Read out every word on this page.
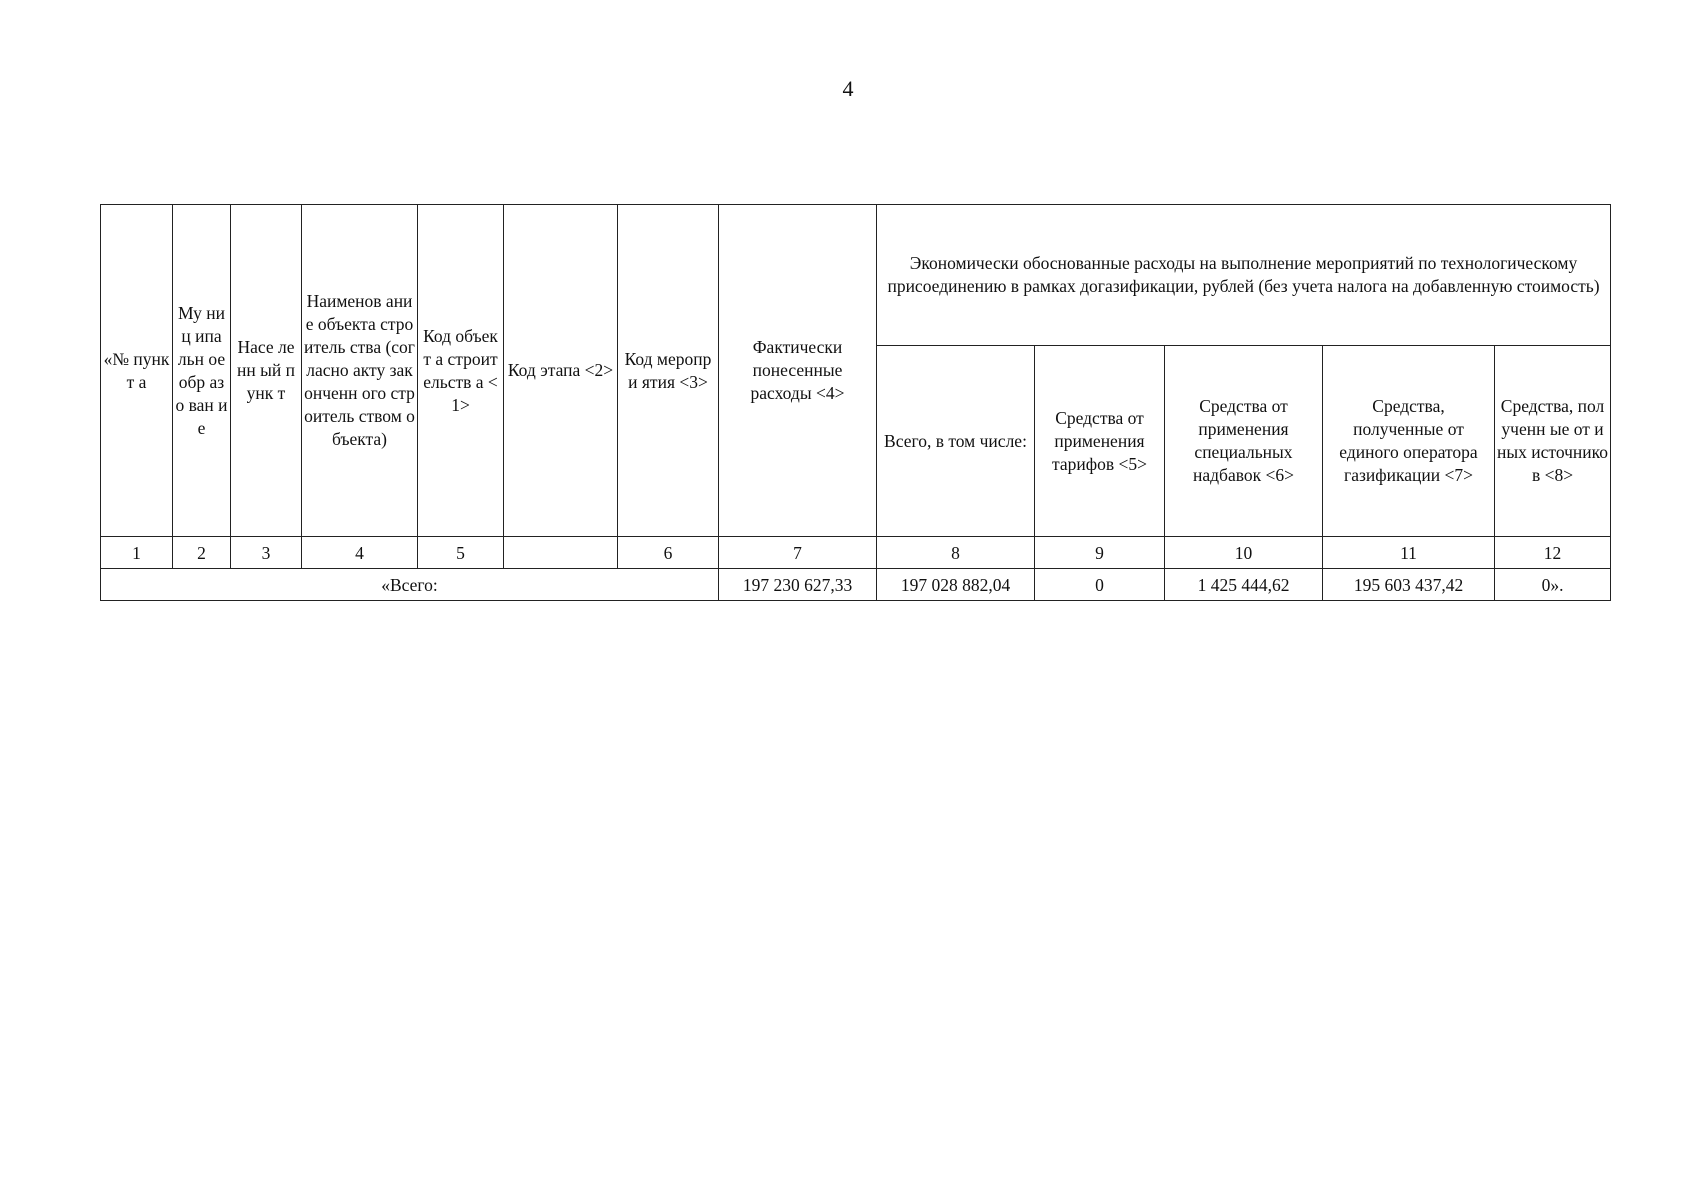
4
«№ пункт а	Му ниц ипа льн ое обр азо ван ие	Насе ленн ый пунк т	Наименов ание объекта строитель ства (согласно акту законченн ого строитель ством объекта)	Код объект а строит ельств а <1>	Код этапа <2>	Код меропри ятия <3>	Фактически понесенные расходы <4>	Экономически обоснованные расходы на выполнение мероприятий по технологическому присоединению в рамках догазификации, рублей (без учета налога на добавленную стоимость)				
								Всего, в том числе:	Средства от применения тарифов <5>	Средства от применения специальных надбавок <6>	Средства, полученные от единого оператора газификации <7>	Средства, полученн ые от иных источнико в <8>
1	2	3	4	5		6	7	8	9	10	11	12
«Всего:							197 230 627,33	197 028 882,04	0	1 425 444,62	195 603 437,42	0».
